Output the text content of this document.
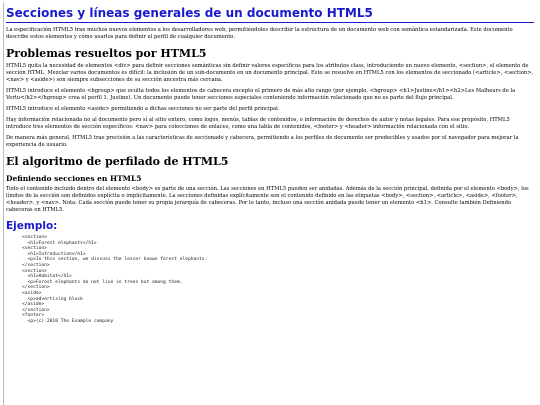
Secciones y líneas generales de un documento HTML5

La especificación HTML5 trae muchos nuevos elementos a los desarrolladores web, permitiéndoles describir la estructura de un documento web con semántica estandarizada. Este documento describe estos elementos y cómo usarlos para definir el perfil de cualquier documento.

Problemas resueltos por HTML5

HTML5 quita la necesidad de elementos <div> para definir secciones semánticas sin definir valores específicos para los atributos class, introduciendo un nuevo elemento, <section>, el elemento de sección HTML. Mezclar varios documentos es difícil: la inclusión de un sub-documento en un documento principal. Esto se resuelve en HTML5 con los elementos de seccionado (<article>, <section>, <nav> y <aside>) son siempre subsecciones de su sección ancestra más cercana.

HTML5 introduce el elemento <hgroup> que oculta todos los elementos de cabecera excepto el primero de más alto rango (por ejemplo, <hgroup> <h1>Justine</h1><h2>Les Malheurs de la Vertu</h2></hgroup> crea el perfil 1. Justine). Un documento puede tener secciones especiales conteniendo información relacionado que no es parte del flujo principal.

HTML5 introduce el elemento <aside> permitiendo a dichas secciones no ser parte del perfil principal.

Hay información relacionada no al documento pero sí al sitio entero, como logos, menús, tablas de contenidos, o información de derechos de autor y notas legales. Para ese propósito, HTML5 introduce tres elementos de sección específicos: <nav> para colecciones de enlaces, como una tabla de contenidos, <footer> y <header> información relacionada con el sitio.

De manera más general, HTML5 trae precisión a las características de seccionado y cabecera, permitiendo a los perfiles de documento ser predecibles y usados por el navegador para mejorar la experiencia de usuario.

El algoritmo de perfilado de HTML5
Definiendo secciones en HTML5

Todo el contenido incluido dentro del elemento <body> es parte de una sección. Las secciones en HTML5 pueden ser anidadas. Además de la sección principal, definida por el elemento <body>, los límites de la sección son definidos explícita o implícitamente. La secciones definidas explícitamente son el contenido definido en las etiquetas <body>, <section>, <article>, <aside>, <footer>, <header>, y <nav>. Nota: Cada sección puede tener su propia jerarquía de cabeceras. Por lo tanto, incluso una sección anidada puede tener un elemento <h1>. Consulte también Definiendo cabeceras en HTML5.

Ejemplo:
<section>
<h1>Forest elephants</h1>
<section>
<h1>Introduction</h1>
<p>In this section, we discuss the lesser known forest elephants.
</section>
<section>
<h1>Habitat</h1>
<p>Forest elephants do not live in trees but among them.
</section>
<aside>
<p>advertising block
</aside>
</section>
<footer>
<p>(c) 2010 The Example company
